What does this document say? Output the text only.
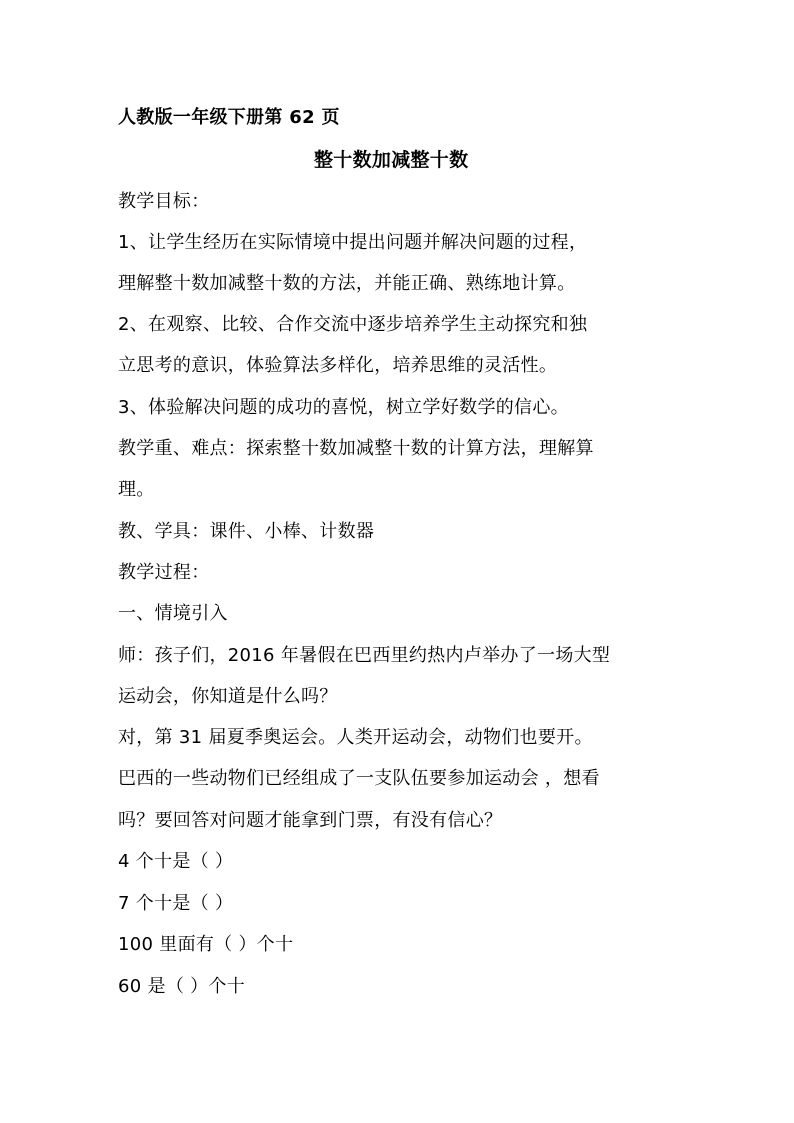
人教版一年级下册第 62 页
整十数加减整十数
教学目标：
1、让学生经历在实际情境中提出问题并解决问题的过程，
理解整十数加减整十数的方法，并能正确、熟练地计算。
2、在观察、比较、合作交流中逐步培养学生主动探究和独
立思考的意识，体验算法多样化，培养思维的灵活性。
3、体验解决问题的成功的喜悦，树立学好数学的信心。
教学重、难点：探索整十数加减整十数的计算方法，理解算
理。
教、学具：课件、小棒、计数器
教学过程：
一、情境引入
师：孩子们，2016 年暑假在巴西里约热内卢举办了一场大型
运动会，你知道是什么吗？
对，第 31 届夏季奥运会。人类开运动会，动物们也要开。
巴西的一些动物们已经组成了一支队伍要参加运动会 ，想看
吗？要回答对问题才能拿到门票，有没有信心？
4 个十是（ ）
7 个十是（ ）
100 里面有（ ）个十
60 是（ ）个十
